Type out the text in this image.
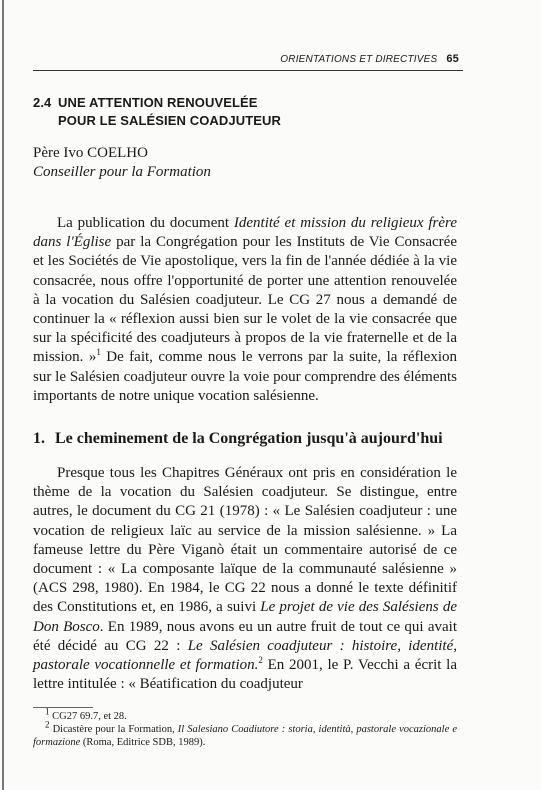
ORIENTATIONS ET DIRECTIVES 65
2.4 UNE ATTENTION RENOUVELÉE
POUR LE SALÉSIEN COADJUTEUR
Père Ivo COELHO
Conseiller pour la Formation

La publication du document Identité et mission du religieux frère dans l'Église par la Congrégation pour les Instituts de Vie Consacrée et les Sociétés de Vie apostolique, vers la fin de l'année dédiée à la vie consacrée, nous offre l'opportunité de porter une attention renouvelée à la vocation du Salésien coadjuteur. Le CG 27 nous a demandé de continuer la « réflexion aussi bien sur le volet de la vie consacrée que sur la spécificité des coadjuteurs à propos de la vie fraternelle et de la mission. »$^1$ De fait, comme nous le verrons par la suite, la réflexion sur le Salésien coadjuteur ouvre la voie pour comprendre des éléments importants de notre unique vocation salésienne.

1. Le cheminement de la Congrégation jusqu'à aujourd'hui

Presque tous les Chapitres Généraux ont pris en considération le thème de la vocation du Salésien coadjuteur. Se distingue, entre autres, le document du CG 21 (1978) : « Le Salésien coadjuteur : une vocation de religieux laïc au service de la mission salésienne. » La fameuse lettre du Père Viganò était un commentaire autorisé de ce document : « La composante laïque de la communauté salésienne » (ACS 298, 1980). En 1984, le CG 22 nous a donné le texte définitif des Constitutions et, en 1986, a suivi Le projet de vie des Salésiens de Don Bosco. En 1989, nous avons eu un autre fruit de tout ce qui avait été décidé au CG 22 : Le Salésien coadjuteur : histoire, identité, pastorale vocationnelle et formation.$^2$ En 2001, le P. Vecchi a écrit la lettre intitulée : « Béatification du coadjuteur

$^1$ CG27 69.7, et 28.
$^2$ Dicastère pour la Formation, Il Salesiano Coadiutore : storia, identità, pastorale vocazionale e formazione (Roma, Editrice SDB, 1989).
